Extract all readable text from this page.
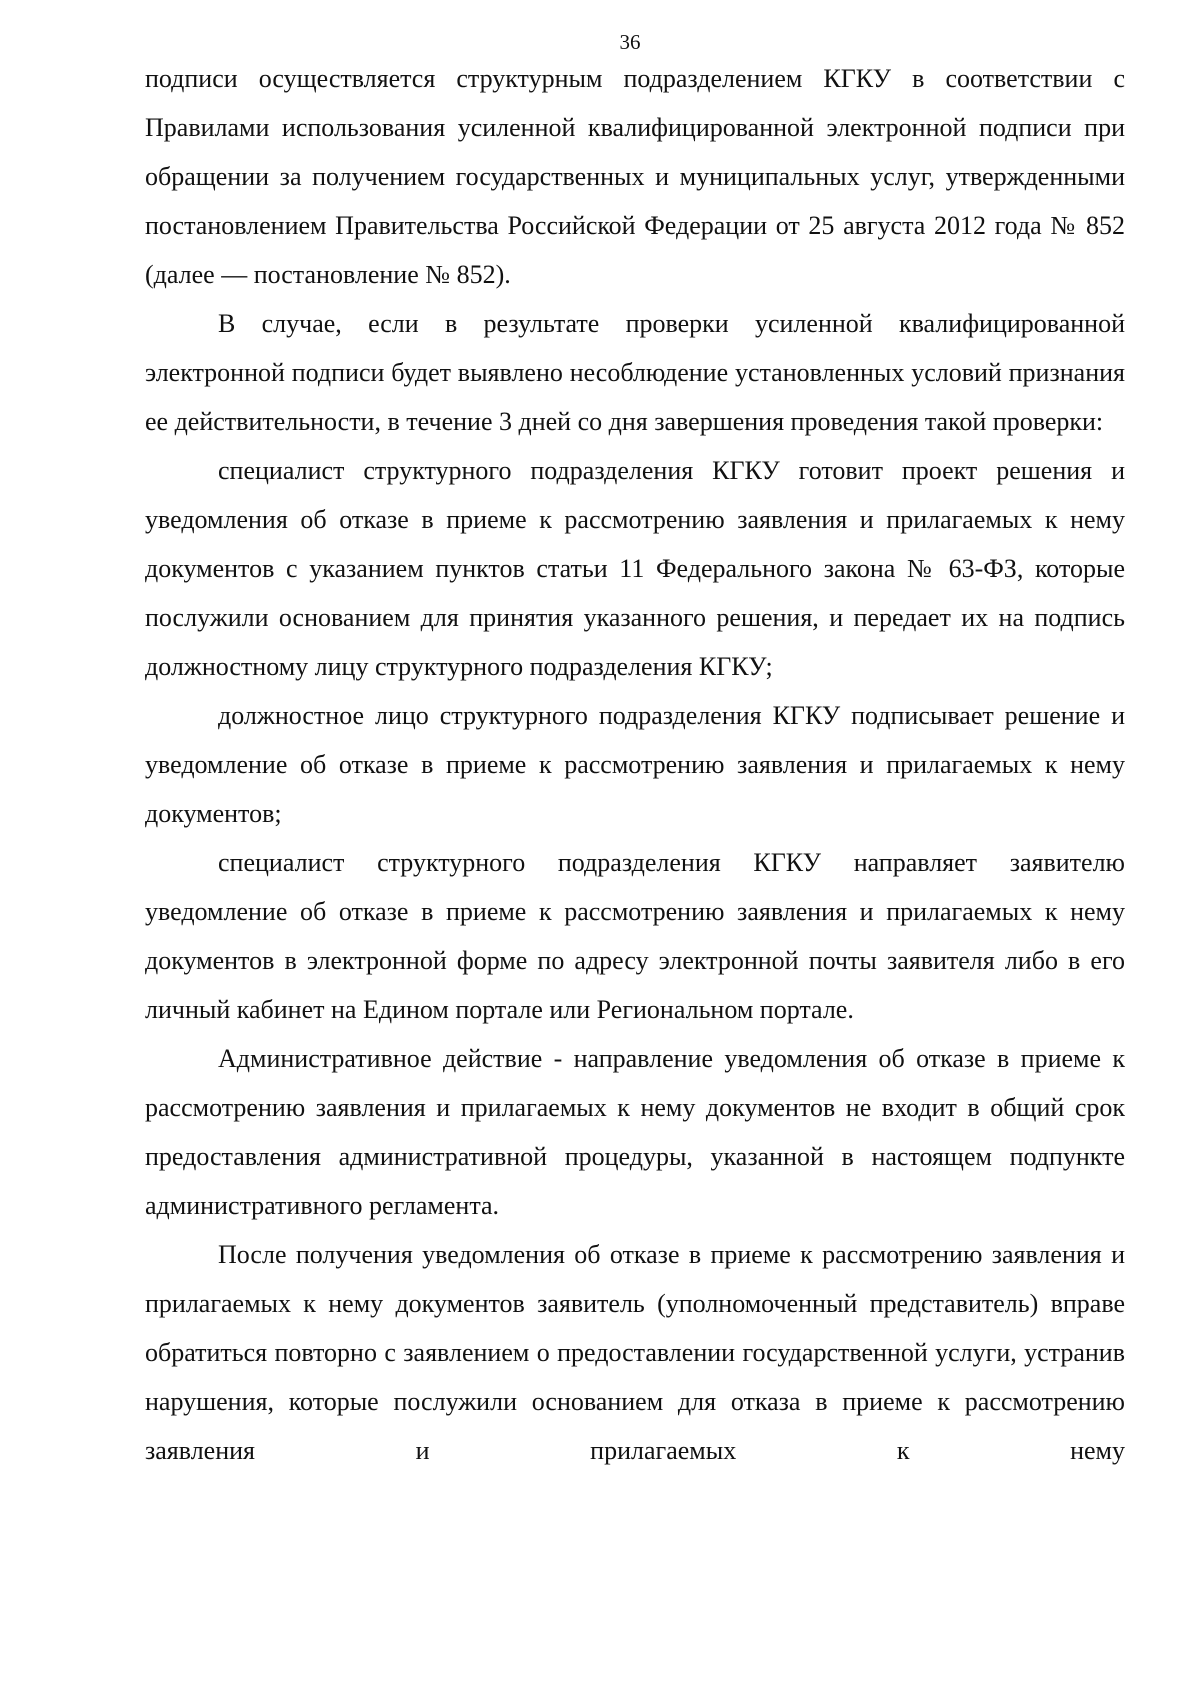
36

подписи осуществляется структурным подразделением КГКУ в соответствии с Правилами использования усиленной квалифицированной электронной подписи при обращении за получением государственных и муниципальных услуг, утвержденными постановлением Правительства Российской Федерации от 25 августа 2012 года № 852 (далее — постановление № 852).

В случае, если в результате проверки усиленной квалифицированной электронной подписи будет выявлено несоблюдение установленных условий признания ее действительности, в течение 3 дней со дня завершения проведения такой проверки:

специалист структурного подразделения КГКУ готовит проект решения и уведомления об отказе в приеме к рассмотрению заявления и прилагаемых к нему документов с указанием пунктов статьи 11 Федерального закона № 63-ФЗ, которые послужили основанием для принятия указанного решения, и передает их на подпись должностному лицу структурного подразделения КГКУ;

должностное лицо структурного подразделения КГКУ подписывает решение и уведомление об отказе в приеме к рассмотрению заявления и прилагаемых к нему документов;

специалист структурного подразделения КГКУ направляет заявителю уведомление об отказе в приеме к рассмотрению заявления и прилагаемых к нему документов в электронной форме по адресу электронной почты заявителя либо в его личный кабинет на Едином портале или Региональном портале.

Административное действие - направление уведомления об отказе в приеме к рассмотрению заявления и прилагаемых к нему документов не входит в общий срок предоставления административной процедуры, указанной в настоящем подпункте административного регламента.

После получения уведомления об отказе в приеме к рассмотрению заявления и прилагаемых к нему документов заявитель (уполномоченный представитель) вправе обратиться повторно с заявлением о предоставлении государственной услуги, устранив нарушения, которые послужили основанием для отказа в приеме к рассмотрению заявления и прилагаемых к нему
